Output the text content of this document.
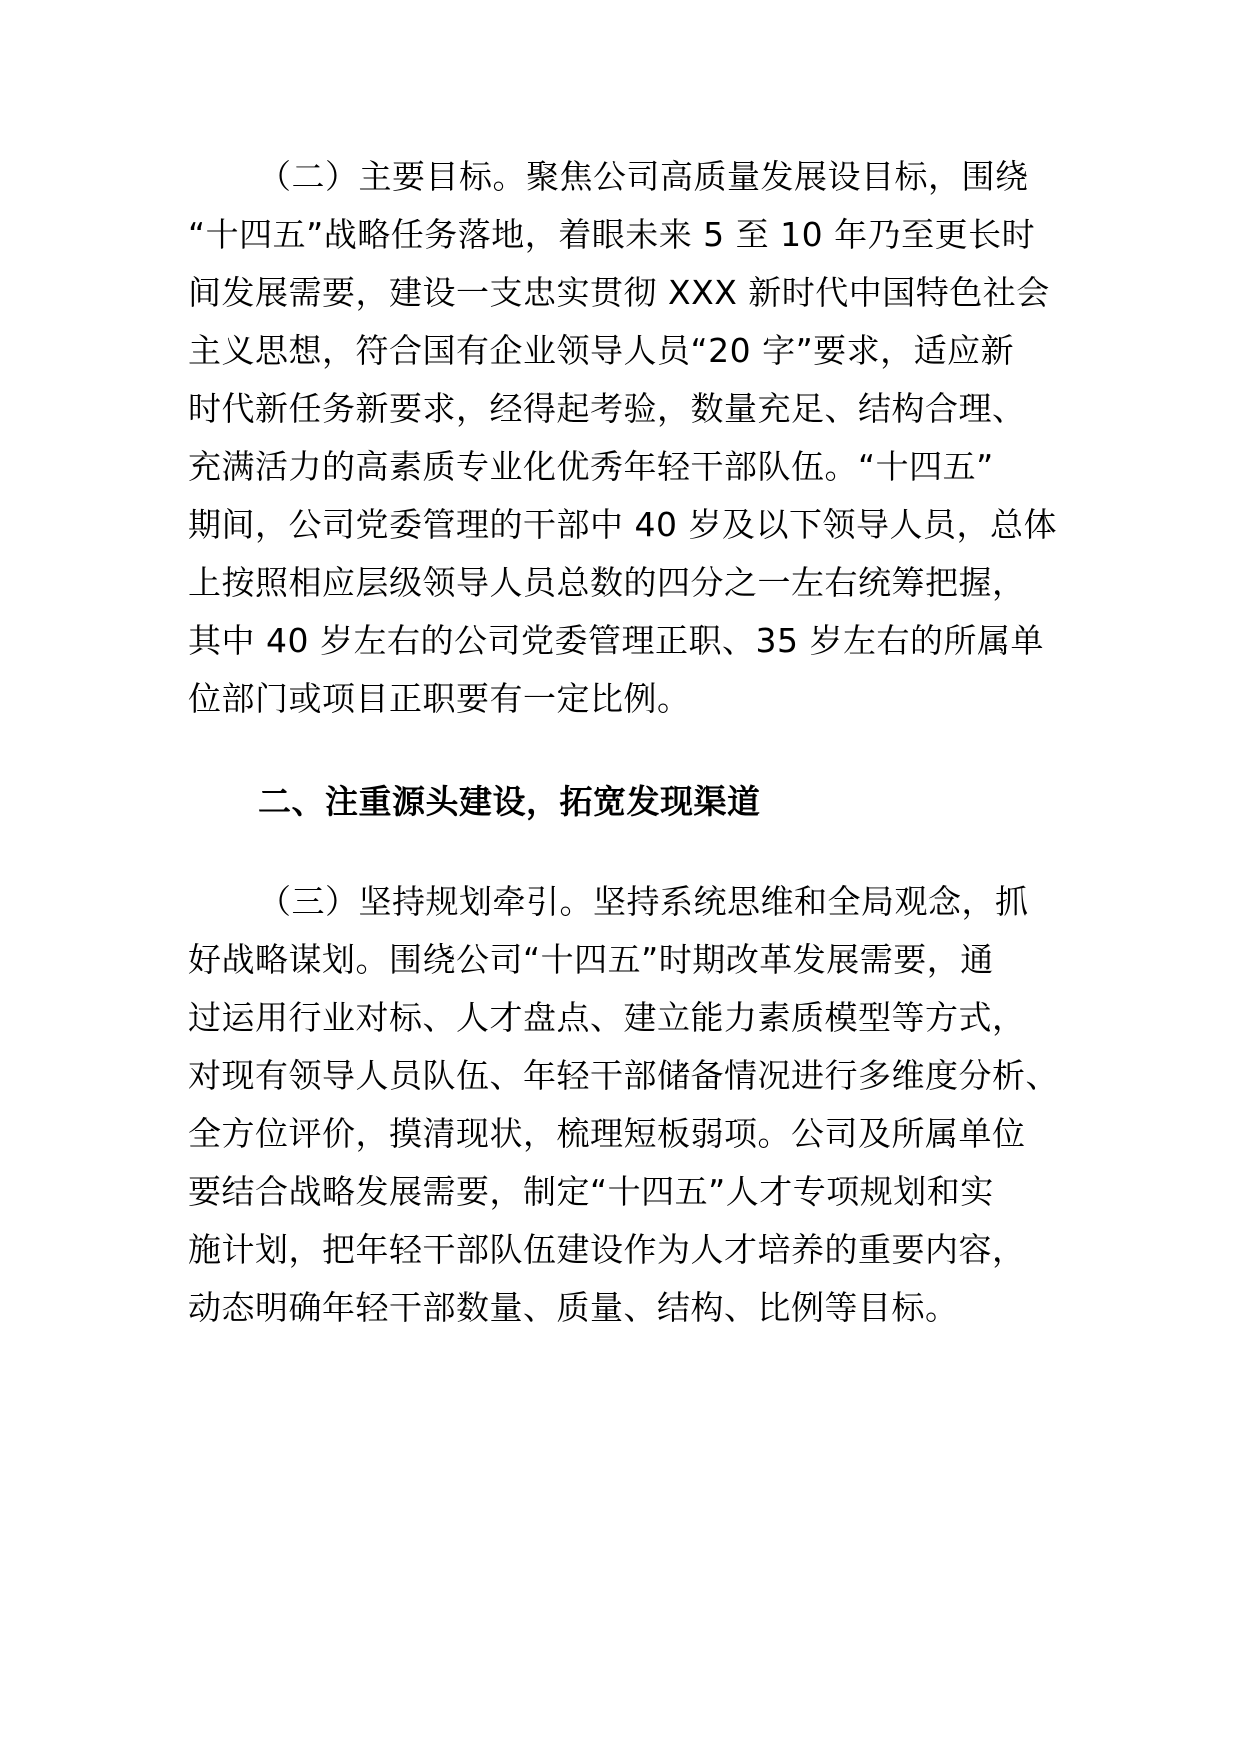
（二）主要目标。聚焦公司高质量发展设目标，围绕
“十四五”战略任务落地，着眼未来 5 至 10 年乃至更长时
间发展需要，建设一支忠实贯彻 XXX 新时代中国特色社会
主义思想，符合国有企业领导人员“20 字”要求，适应新
时代新任务新要求，经得起考验，数量充足、结构合理、
充满活力的高素质专业化优秀年轻干部队伍。“十四五”
期间，公司党委管理的干部中 40 岁及以下领导人员，总体
上按照相应层级领导人员总数的四分之一左右统筹把握，
其中 40 岁左右的公司党委管理正职、35 岁左右的所属单
位部门或项目正职要有一定比例。
二、注重源头建设，拓宽发现渠道
（三）坚持规划牵引。坚持系统思维和全局观念，抓
好战略谋划。围绕公司“十四五”时期改革发展需要，通
过运用行业对标、人才盘点、建立能力素质模型等方式，
对现有领导人员队伍、年轻干部储备情况进行多维度分析、
全方位评价，摸清现状，梳理短板弱项。公司及所属单位
要结合战略发展需要，制定“十四五”人才专项规划和实
施计划，把年轻干部队伍建设作为人才培养的重要内容，
动态明确年轻干部数量、质量、结构、比例等目标。
